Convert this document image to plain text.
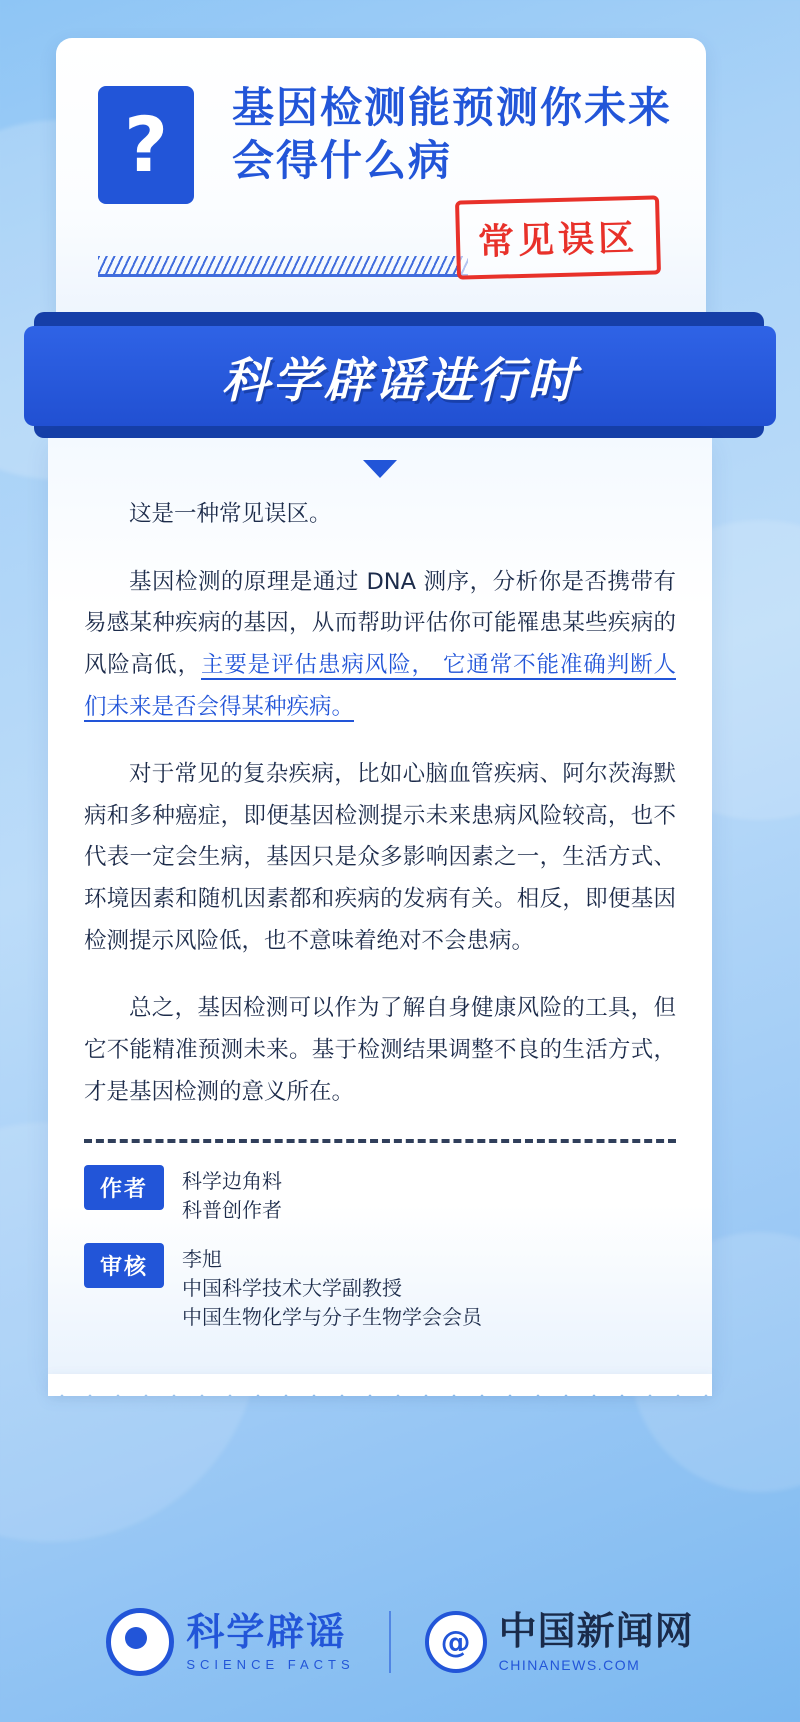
? 基因检测能预测你未来会得什么病
常见误区
科学辟谣进行时

这是一种常见误区。

基因检测的原理是通过 DNA 测序，分析你是否携带有易感某种疾病的基因，从而帮助评估你可能罹患某些疾病的风险高低，主要是评估患病风险， 它通常不能准确判断人们未来是否会得某种疾病。

对于常见的复杂疾病，比如心脑血管疾病、阿尔茨海默病和多种癌症，即便基因检测提示未来患病风险较高，也不代表一定会生病，基因只是众多影响因素之一，生活方式、环境因素和随机因素都和疾病的发病有关。相反，即便基因检测提示风险低，也不意味着绝对不会患病。

总之，基因检测可以作为了解自身健康风险的工具，但它不能精准预测未来。基于检测结果调整不良的生活方式，才是基因检测的意义所在。

作者	科学边角料
科普创作者
审核	李旭
中国科学技术大学副教授
中国生物化学与分子生物学会会员
科学辟谣
SCIENCE FACTS
@ 中国新闻网
CHINANEWS.COM
